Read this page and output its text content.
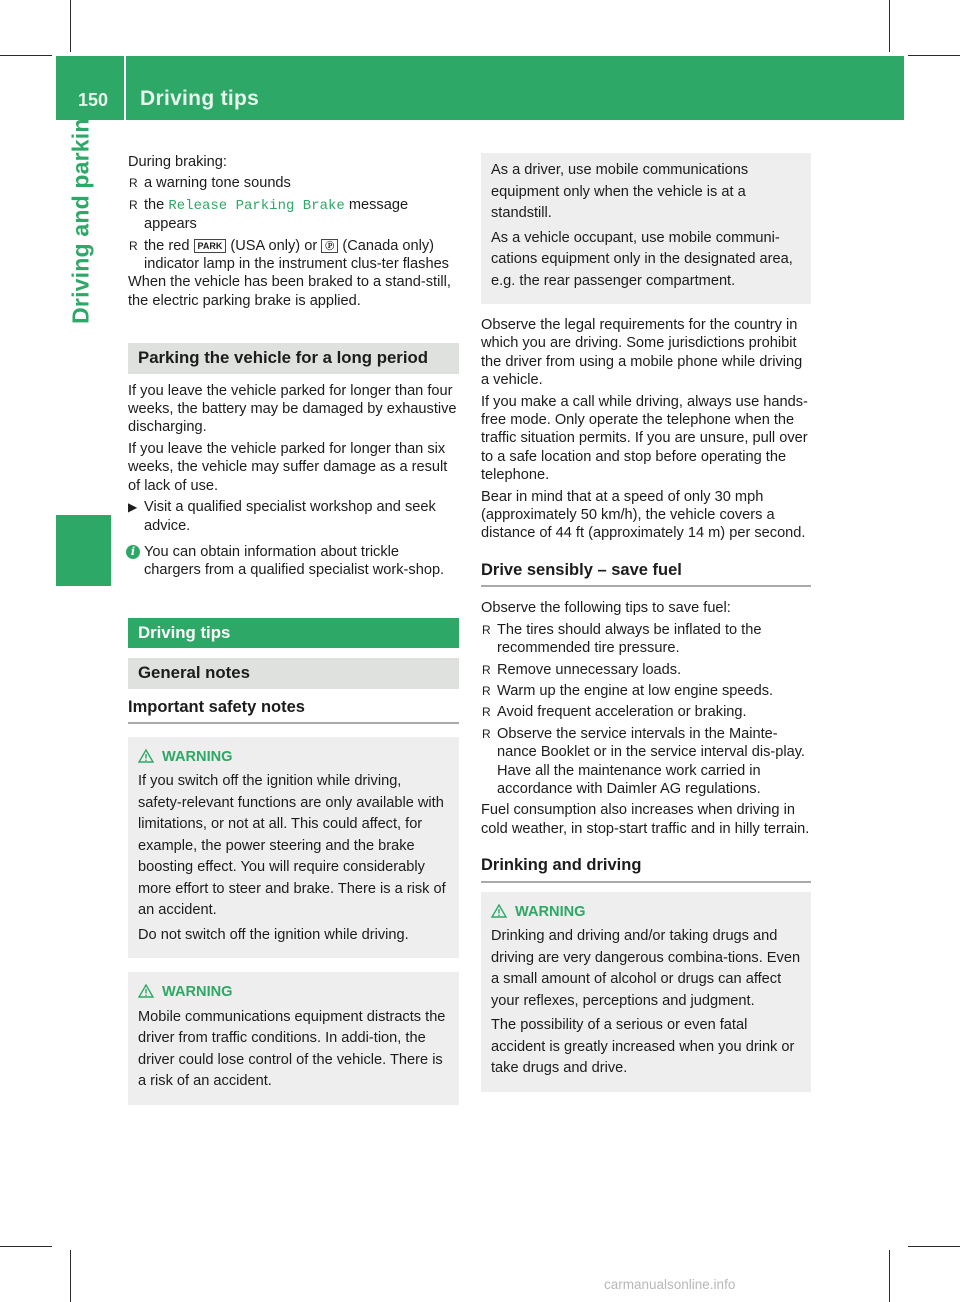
150 Driving tips
Driving and parking During braking:

R a warning tone sounds
R the Release Parking Brake message appears
R the red PARK (USA only) or Ⓟ (Canada only) indicator lamp in the instrument clus-ter flashes

When the vehicle has been braked to a stand-still, the electric parking brake is applied.

Parking the vehicle for a long period

If you leave the vehicle parked for longer than four weeks, the battery may be damaged by exhaustive discharging.

If you leave the vehicle parked for longer than six weeks, the vehicle may suffer damage as a result of lack of use.

▶ Visit a qualified specialist workshop and seek advice.
i You can obtain information about trickle chargers from a qualified specialist work-shop.
Driving tips
General notes
Important safety notes
WARNING

If you switch off the ignition while driving, safety-relevant functions are only available with limitations, or not at all. This could affect, for example, the power steering and the brake boosting effect. You will require considerably more effort to steer and brake. There is a risk of an accident.

Do not switch off the ignition while driving.

WARNING

Mobile communications equipment distracts the driver from traffic conditions. In addi-tion, the driver could lose control of the vehicle. There is a risk of an accident.

As a driver, use mobile communications equipment only when the vehicle is at a standstill.

As a vehicle occupant, use mobile communi-cations equipment only in the designated area, e.g. the rear passenger compartment.

Observe the legal requirements for the country in which you are driving. Some jurisdictions prohibit the driver from using a mobile phone while driving a vehicle.

If you make a call while driving, always use hands-free mode. Only operate the telephone when the traffic situation permits. If you are unsure, pull over to a safe location and stop before operating the telephone.

Bear in mind that at a speed of only 30 mph (approximately 50 km/h), the vehicle covers a distance of 44 ft (approximately 14 m) per second.

Drive sensibly – save fuel

Observe the following tips to save fuel:

R The tires should always be inflated to the recommended tire pressure.
R Remove unnecessary loads.
R Warm up the engine at low engine speeds.
R Avoid frequent acceleration or braking.
R Observe the service intervals in the Mainte-nance Booklet or in the service interval dis-play. Have all the maintenance work carried in accordance with Daimler AG regulations.

Fuel consumption also increases when driving in cold weather, in stop-start traffic and in hilly terrain.

Drinking and driving
WARNING

Drinking and driving and/or taking drugs and driving are very dangerous combina-tions. Even a small amount of alcohol or drugs can affect your reflexes, perceptions and judgment.

The possibility of a serious or even fatal accident is greatly increased when you drink or take drugs and drive.

carmanualsonline.info
